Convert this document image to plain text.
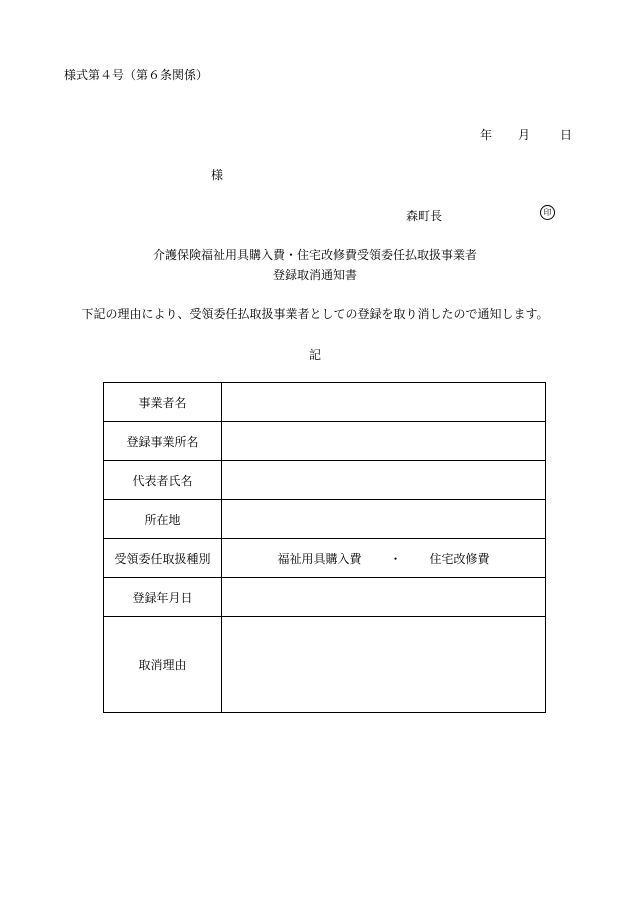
様式第４号（第６条関係）
年 月	日
様
森町長	印
介護保険福祉用具購入費・住宅改修費受領委任払取扱事業者
登録取消通知書
下記の理由により、受領委任払取扱事業者としての登録を取り消したので通知します。
記
事業者名	
登録事業所名	
代表者氏名	
所在地	
受領委任取扱種別	福祉用具購入費 ・ 住宅改修費
登録年月日	
取消理由	
